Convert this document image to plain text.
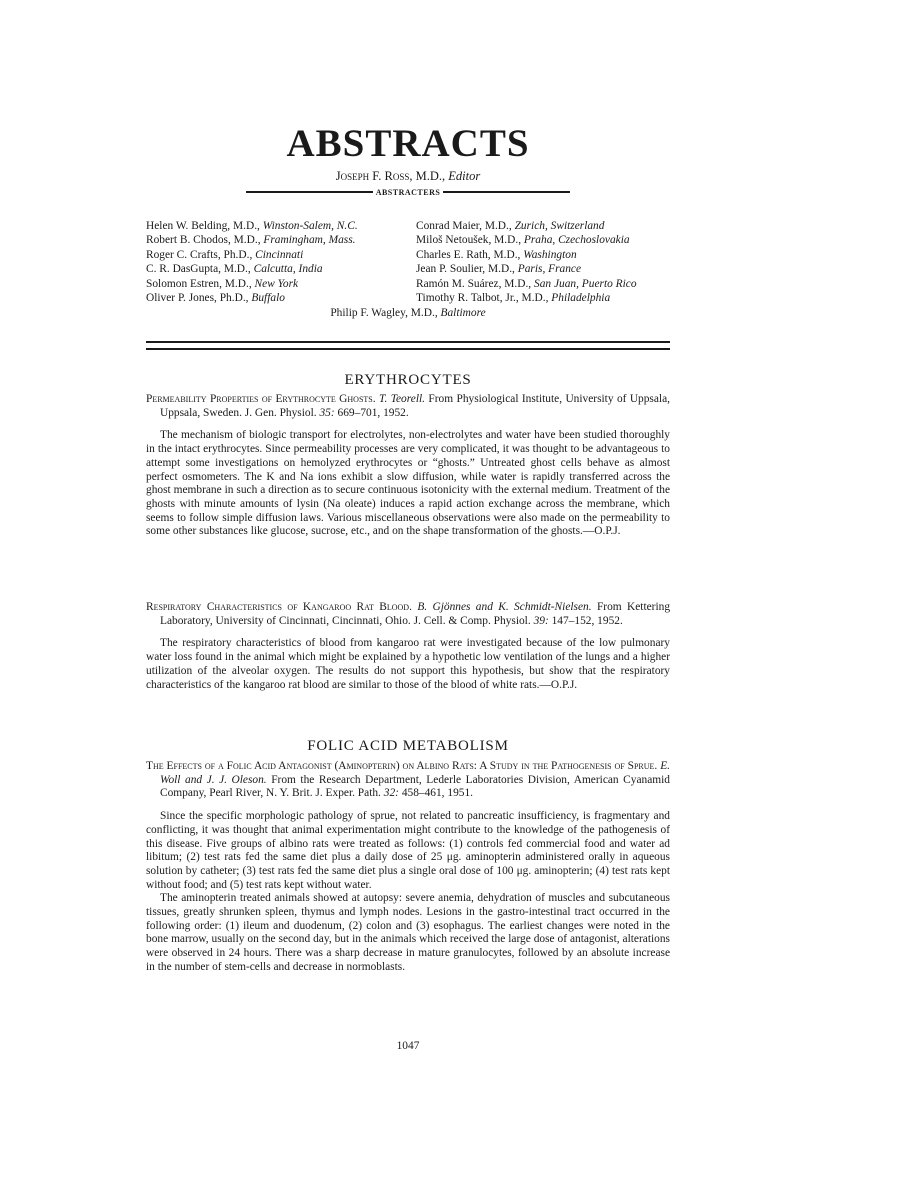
ABSTRACTS
Joseph F. Ross, M.D., Editor
ABSTRACTERS
Helen W. Belding, M.D., Winston-Salem, N.C.
Robert B. Chodos, M.D., Framingham, Mass.
Roger C. Crafts, Ph.D., Cincinnati
C. R. DasGupta, M.D., Calcutta, India
Solomon Estren, M.D., New York
Oliver P. Jones, Ph.D., Buffalo
Conrad Maier, M.D., Zurich, Switzerland
Miloš Netoušek, M.D., Praha, Czechoslovakia
Charles E. Rath, M.D., Washington
Jean P. Soulier, M.D., Paris, France
Ramón M. Suárez, M.D., San Juan, Puerto Rico
Timothy R. Talbot, Jr., M.D., Philadelphia
Philip F. Wagley, M.D., Baltimore
ERYTHROCYTES

Permeability Properties of Erythrocyte Ghosts. T. Teorell. From Physiological Institute, University of Uppsala, Uppsala, Sweden. J. Gen. Physiol. 35: 669–701, 1952.

The mechanism of biologic transport for electrolytes, non-electrolytes and water have been studied thoroughly in the intact erythrocytes. Since permeability processes are very complicated, it was thought to be advantageous to attempt some investigations on hemolyzed erythrocytes or “ghosts.” Untreated ghost cells behave as almost perfect osmometers. The K and Na ions exhibit a slow diffusion, while water is rapidly transferred across the ghost membrane in such a direction as to secure continuous isotonicity with the external medium. Treatment of the ghosts with minute amounts of lysin (Na oleate) induces a rapid action exchange across the membrane, which seems to follow simple diffusion laws. Various miscellaneous observations were also made on the permeability to some other substances like glucose, sucrose, etc., and on the shape transformation of the ghosts.—O.P.J.

Respiratory Characteristics of Kangaroo Rat Blood. B. Gjönnes and K. Schmidt-Nielsen. From Kettering Laboratory, University of Cincinnati, Cincinnati, Ohio. J. Cell. & Comp. Physiol. 39: 147–152, 1952.

The respiratory characteristics of blood from kangaroo rat were investigated because of the low pulmonary water loss found in the animal which might be explained by a hypothetic low ventilation of the lungs and a higher utilization of the alveolar oxygen. The results do not support this hypothesis, but show that the respiratory characteristics of the kangaroo rat blood are similar to those of the blood of white rats.—O.P.J.

FOLIC ACID METABOLISM

The Effects of a Folic Acid Antagonist (Aminopterin) on Albino Rats: A Study in the Pathogenesis of Sprue. E. Woll and J. J. Oleson. From the Research Department, Lederle Laboratories Division, American Cyanamid Company, Pearl River, N. Y. Brit. J. Exper. Path. 32: 458–461, 1951.

Since the specific morphologic pathology of sprue, not related to pancreatic insufficiency, is fragmentary and conflicting, it was thought that animal experimentation might contribute to the knowledge of the pathogenesis of this disease. Five groups of albino rats were treated as follows: (1) controls fed commercial food and water ad libitum; (2) test rats fed the same diet plus a daily dose of 25 μg. aminopterin administered orally in aqueous solution by catheter; (3) test rats fed the same diet plus a single oral dose of 100 μg. aminopterin; (4) test rats kept without food; and (5) test rats kept without water.

The aminopterin treated animals showed at autopsy: severe anemia, dehydration of muscles and subcutaneous tissues, greatly shrunken spleen, thymus and lymph nodes. Lesions in the gastro-intestinal tract occurred in the following order: (1) ileum and duodenum, (2) colon and (3) esophagus. The earliest changes were noted in the bone marrow, usually on the second day, but in the animals which received the large dose of antagonist, alterations were observed in 24 hours. There was a sharp decrease in mature granulocytes, followed by an absolute increase in the number of stem-cells and decrease in normoblasts.

1047
